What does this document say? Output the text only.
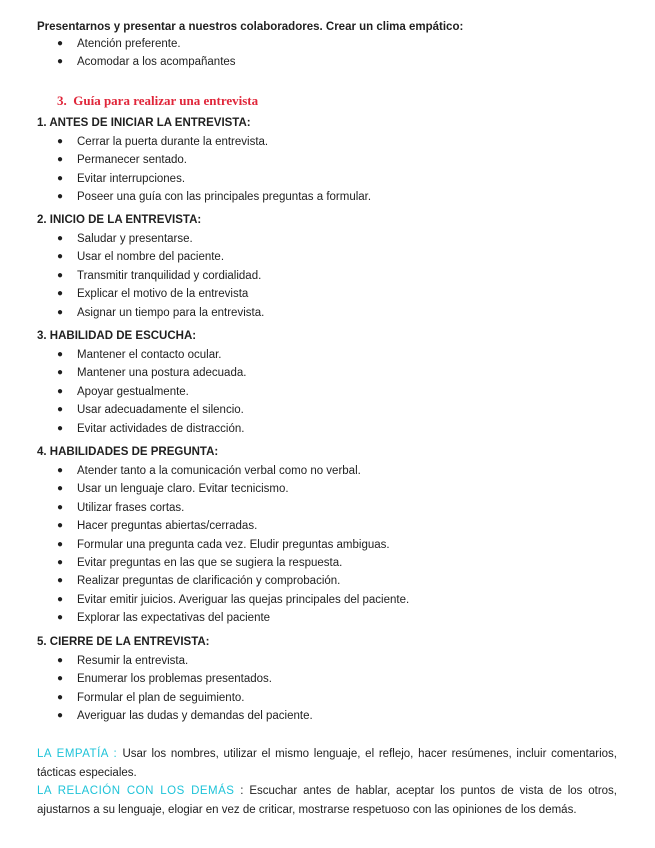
Presentarnos y presentar a nuestros colaboradores. Crear un clima empático:
● Atención preferente.
● Acomodar a los acompañantes
3. Guía para realizar una entrevista
1. ANTES DE INICIAR LA ENTREVISTA:
● Cerrar la puerta durante la entrevista.
● Permanecer sentado.
● Evitar interrupciones.
● Poseer una guía con las principales preguntas a formular.
2. INICIO DE LA ENTREVISTA:
● Saludar y presentarse.
● Usar el nombre del paciente.
● Transmitir tranquilidad y cordialidad.
● Explicar el motivo de la entrevista
● Asignar un tiempo para la entrevista.
3. HABILIDAD DE ESCUCHA:
● Mantener el contacto ocular.
● Mantener una postura adecuada.
● Apoyar gestualmente.
● Usar adecuadamente el silencio.
● Evitar actividades de distracción.
4. HABILIDADES DE PREGUNTA:
● Atender tanto a la comunicación verbal como no verbal.
● Usar un lenguaje claro. Evitar tecnicismo.
● Utilizar frases cortas.
● Hacer preguntas abiertas/cerradas.
● Formular una pregunta cada vez. Eludir preguntas ambiguas.
● Evitar preguntas en las que se sugiera la respuesta.
● Realizar preguntas de clarificación y comprobación.
● Evitar emitir juicios. Averiguar las quejas principales del paciente.
● Explorar las expectativas del paciente
5. CIERRE DE LA ENTREVISTA:
● Resumir la entrevista.
● Enumerar los problemas presentados.
● Formular el plan de seguimiento.
● Averiguar las dudas y demandas del paciente.
LA EMPATÍA : Usar los nombres, utilizar el mismo lenguaje, el reflejo, hacer resúmenes, incluir comentarios, tácticas especiales.
LA RELACIÓN CON LOS DEMÁS : Escuchar antes de hablar, aceptar los puntos de vista de los otros, ajustarnos a su lenguaje, elogiar en vez de criticar, mostrarse respetuoso con las opiniones de los demás.
